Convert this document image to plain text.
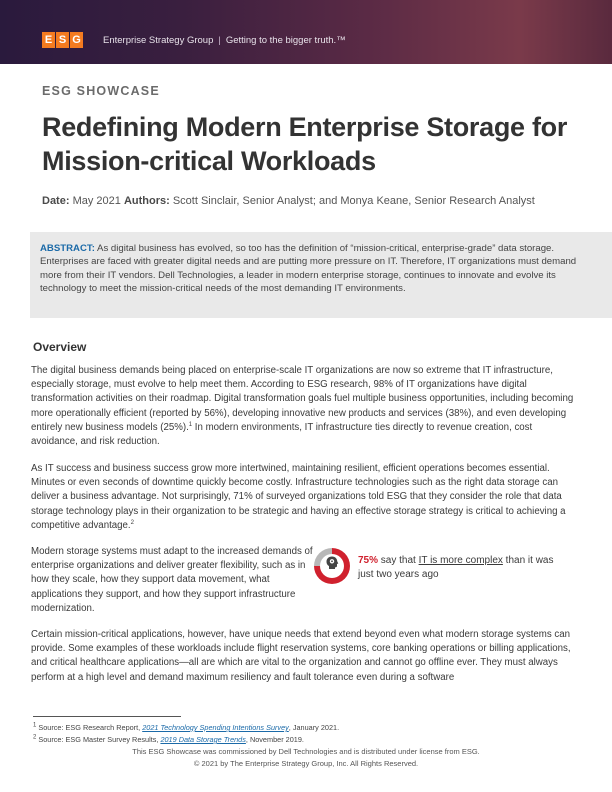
E S G Enterprise Strategy Group | Getting to the bigger truth.™
ESG SHOWCASE
Redefining Modern Enterprise Storage for Mission-critical Workloads
Date: May 2021 Authors: Scott Sinclair, Senior Analyst; and Monya Keane, Senior Research Analyst

ABSTRACT: As digital business has evolved, so too has the definition of “mission-critical, enterprise-grade” data storage. Enterprises are faced with greater digital needs and are putting more pressure on IT. Therefore, IT organizations must demand more from their IT vendors. Dell Technologies, a leader in modern enterprise storage, continues to innovate and evolve its technology to meet the mission-critical needs of the most demanding IT environments.

Overview

The digital business demands being placed on enterprise-scale IT organizations are now so extreme that IT infrastructure, especially storage, must evolve to help meet them. According to ESG research, 98% of IT organizations have digital transformation activities on their roadmap. Digital transformation goals fuel multiple business opportunities, including becoming more operationally efficient (reported by 56%), developing innovative new products and services (38%), and even developing entirely new business models (25%).$^1$ In modern environments, IT infrastructure ties directly to revenue creation, cost avoidance, and risk reduction.

As IT success and business success grow more intertwined, maintaining resilient, efficient operations becomes essential. Minutes or even seconds of downtime quickly become costly. Infrastructure technologies such as the right data storage can deliver a business advantage. Not surprisingly, 71% of surveyed organizations told ESG that they consider the role that data storage technology plays in their organization to be strategic and having an effective storage strategy is critical to achieving a competitive advantage.$^2$

Modern storage systems must adapt to the increased demands of enterprise organizations and deliver greater flexibility, such as in how they scale, how they support data movement, what applications they support, and how they support infrastructure modernization.

75% say that IT is more complex than it was just two years ago

Certain mission-critical applications, however, have unique needs that extend beyond even what modern storage systems can provide. Some examples of these workloads include flight reservation systems, core banking operations or billing applications, and critical healthcare applications—all are which are vital to the organization and cannot go offline ever. They must always perform at a high level and demand maximum resiliency and fault tolerance even during a software

$^1$ Source: ESG Research Report, 2021 Technology Spending Intentions Survey, January 2021.
$^2$ Source: ESG Master Survey Results, 2019 Data Storage Trends, November 2019.
This ESG Showcase was commissioned by Dell Technologies and is distributed under license from ESG.
© 2021 by The Enterprise Strategy Group, Inc. All Rights Reserved.
